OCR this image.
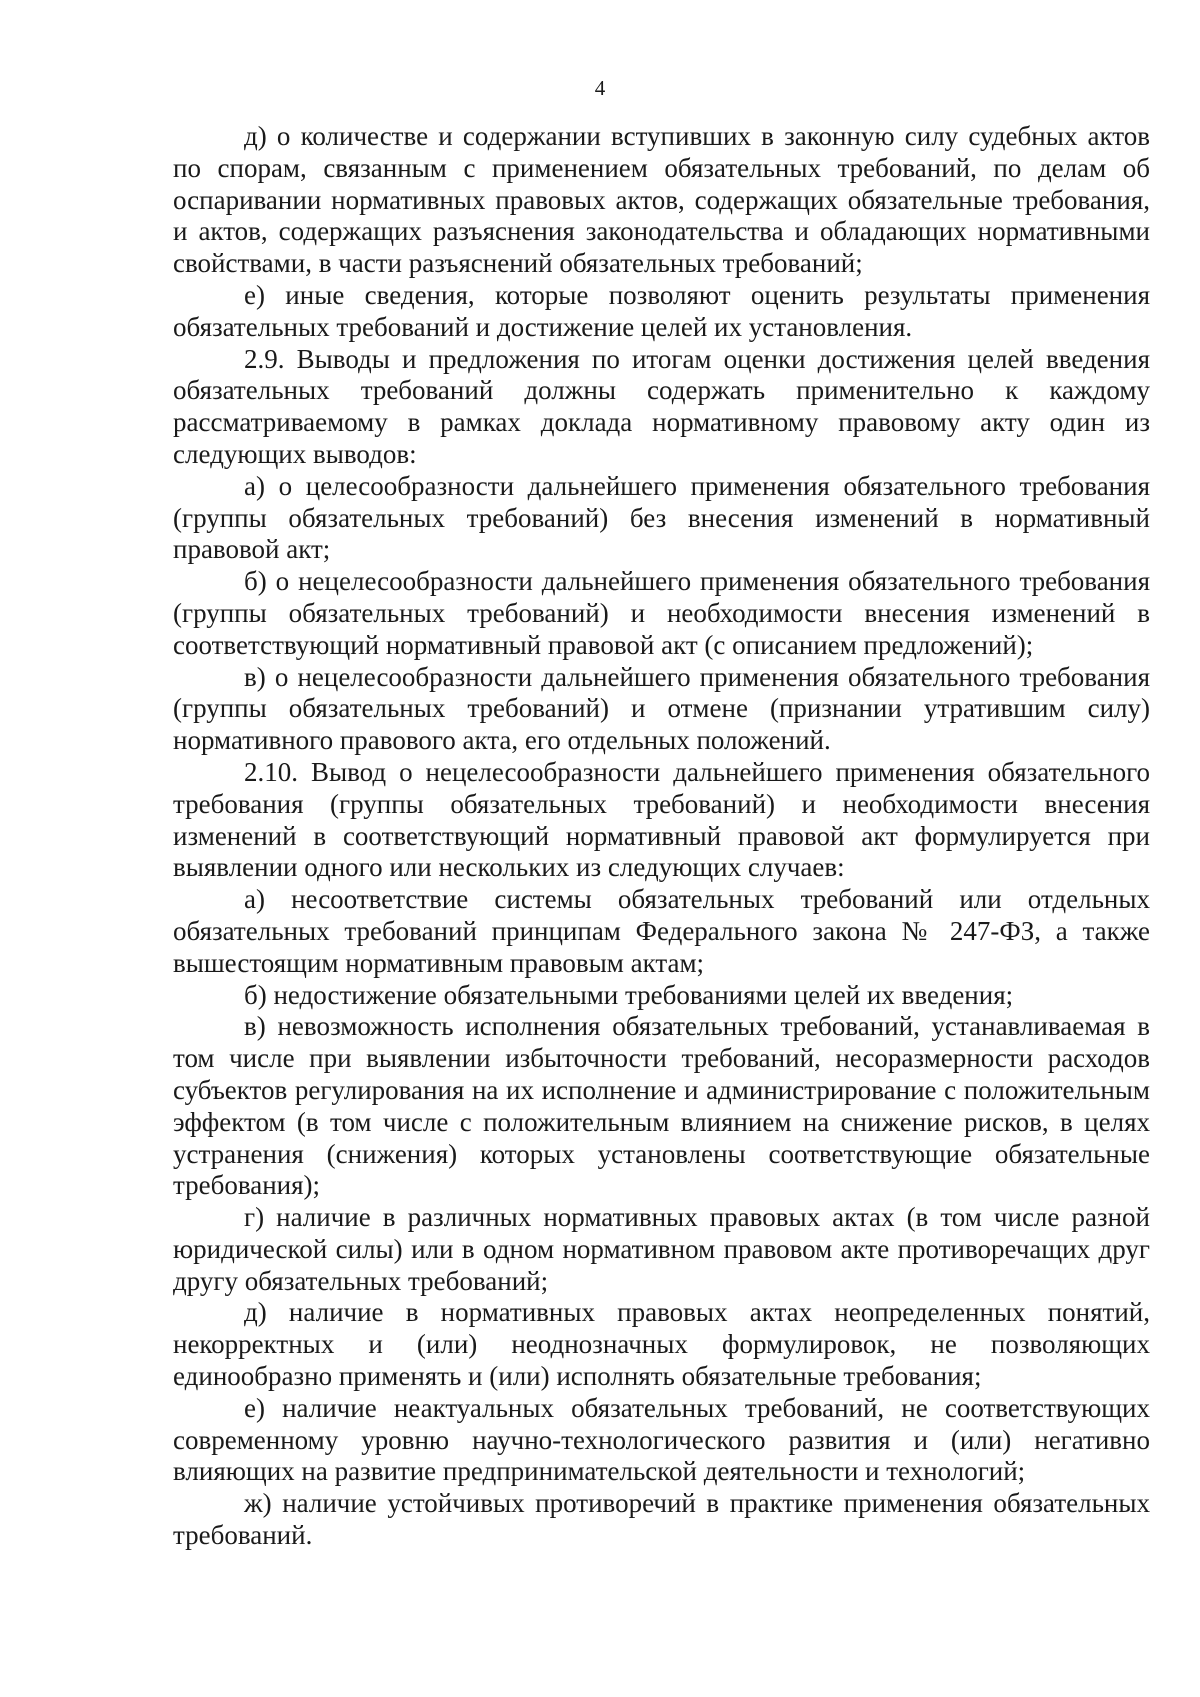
4

д) о количестве и содержании вступивших в законную силу судебных актов по спорам, связанным с применением обязательных требований, по делам об оспаривании нормативных правовых актов, содержащих обязательные требования, и актов, содержащих разъяснения законодательства и обладающих нормативными свойствами, в части разъяснений обязательных требований;

е) иные сведения, которые позволяют оценить результаты применения обязательных требований и достижение целей их установления.

2.9. Выводы и предложения по итогам оценки достижения целей введения обязательных требований должны содержать применительно к каждому рассматриваемому в рамках доклада нормативному правовому акту один из следующих выводов:

а) о целесообразности дальнейшего применения обязательного требования (группы обязательных требований) без внесения изменений в нормативный правовой акт;

б) о нецелесообразности дальнейшего применения обязательного требования (группы обязательных требований) и необходимости внесения изменений в соответствующий нормативный правовой акт (с описанием предложений);

в) о нецелесообразности дальнейшего применения обязательного требования (группы обязательных требований) и отмене (признании утратившим силу) нормативного правового акта, его отдельных положений.

2.10. Вывод о нецелесообразности дальнейшего применения обязательного требования (группы обязательных требований) и необходимости внесения изменений в соответствующий нормативный правовой акт формулируется при выявлении одного или нескольких из следующих случаев:

а) несоответствие системы обязательных требований или отдельных обязательных требований принципам Федерального закона № 247-ФЗ, а также вышестоящим нормативным правовым актам;

б) недостижение обязательными требованиями целей их введения;

в) невозможность исполнения обязательных требований, устанавливаемая в том числе при выявлении избыточности требований, несоразмерности расходов субъектов регулирования на их исполнение и администрирование с положительным эффектом (в том числе с положительным влиянием на снижение рисков, в целях устранения (снижения) которых установлены соответствующие обязательные требования);

г) наличие в различных нормативных правовых актах (в том числе разной юридической силы) или в одном нормативном правовом акте противоречащих друг другу обязательных требований;

д) наличие в нормативных правовых актах неопределенных понятий, некорректных и (или) неоднозначных формулировок, не позволяющих единообразно применять и (или) исполнять обязательные требования;

е) наличие неактуальных обязательных требований, не соответствующих современному уровню научно-технологического развития и (или) негативно влияющих на развитие предпринимательской деятельности и технологий;

ж) наличие устойчивых противоречий в практике применения обязательных требований.
